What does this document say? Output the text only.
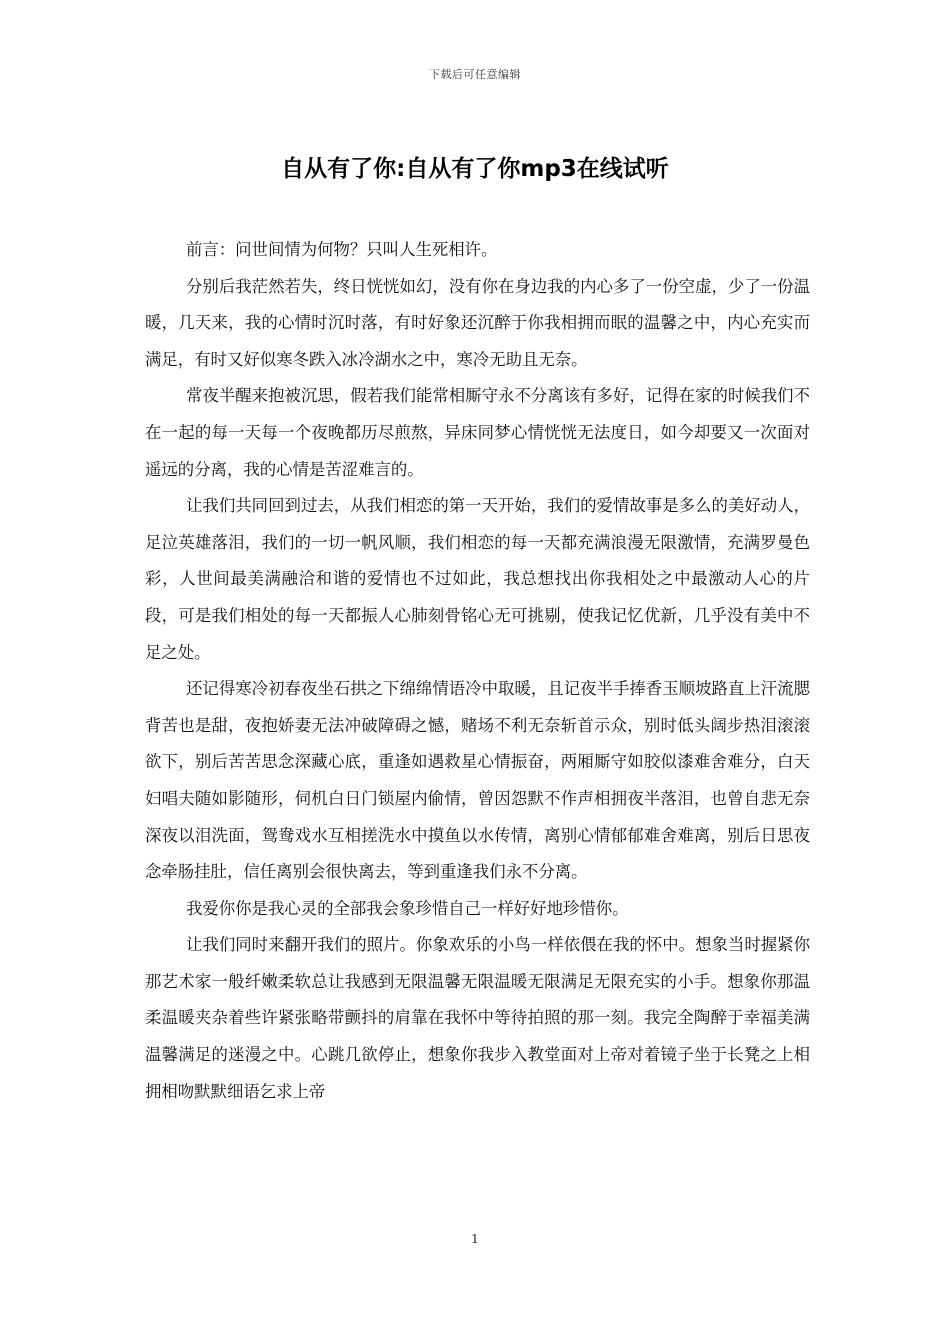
下载后可任意编辑
自从有了你:自从有了你mp3在线试听

前言：问世间情为何物？只叫人生死相许。

分别后我茫然若失，终日恍恍如幻，没有你在身边我的内心多了一份空虚，少了一份温暖，几天来，我的心情时沉时落，有时好象还沉醉于你我相拥而眠的温馨之中，内心充实而满足，有时又好似寒冬跌入冰冷湖水之中，寒冷无助且无奈。

常夜半醒来抱被沉思，假若我们能常相厮守永不分离该有多好，记得在家的时候我们不在一起的每一天每一个夜晚都历尽煎熬，异床同梦心情恍恍无法度日，如今却要又一次面对遥远的分离，我的心情是苦涩难言的。

让我们共同回到过去，从我们相恋的第一天开始，我们的爱情故事是多么的美好动人，足泣英雄落泪，我们的一切一帆风顺，我们相恋的每一天都充满浪漫无限激情，充满罗曼色彩，人世间最美满融洽和谐的爱情也不过如此，我总想找出你我相处之中最激动人心的片段，可是我们相处的每一天都振人心肺刻骨铭心无可挑剔，使我记忆优新，几乎没有美中不足之处。

还记得寒冷初春夜坐石拱之下绵绵情语冷中取暖，且记夜半手捧香玉顺坡路直上汗流腮背苦也是甜，夜抱娇妻无法冲破障碍之憾，赌场不利无奈斩首示众，别时低头阔步热泪滚滚欲下，别后苦苦思念深藏心底，重逢如遇救星心情振奋，两厢厮守如胶似漆难舍难分，白天妇唱夫随如影随形，伺机白日门锁屋内偷情，曾因怨默不作声相拥夜半落泪，也曾自悲无奈深夜以泪洗面，鸳鸯戏水互相搓洗水中摸鱼以水传情，离别心情郁郁难舍难离，别后日思夜念牵肠挂肚，信任离别会很快离去，等到重逢我们永不分离。

我爱你你是我心灵的全部我会象珍惜自己一样好好地珍惜你。

让我们同时来翻开我们的照片。你象欢乐的小鸟一样依偎在我的怀中。想象当时握紧你那艺术家一般纤嫩柔软总让我感到无限温馨无限温暖无限满足无限充实的小手。想象你那温柔温暖夹杂着些许紧张略带颤抖的肩靠在我怀中等待拍照的那一刻。我完全陶醉于幸福美满温馨满足的迷漫之中。心跳几欲停止，想象你我步入教堂面对上帝对着镜子坐于长凳之上相拥相吻默默细语乞求上帝

1
